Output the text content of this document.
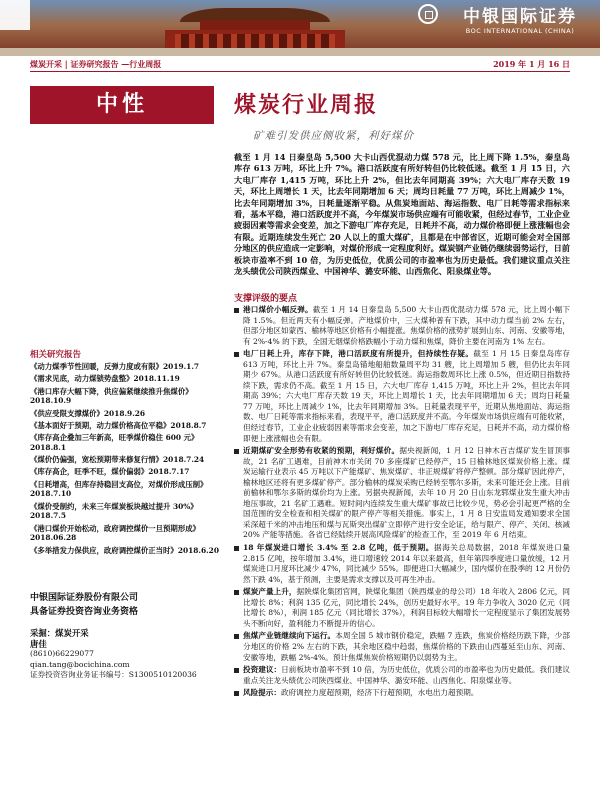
中银国际证券
BOC INTERNATIONAL (CHINA)
煤炭开采 | 证券研究报告 —行业周报	2019 年 1 月 16 日
中性	煤炭行业周报
矿难引发供应侧收紧，利好煤价
截至 1 月 14 日秦皇岛 5,500 大卡山西优混动力煤 578 元，比上周下降 1.5%，秦皇岛库存 613 万吨，环比上升 7%。港口活跃度有所好转但仍比较低迷。截至 1 月 15 日，六大电厂库存 1,415 万吨，环比上升 2%，但比去年同期高 39%；六大电厂库存天数 19 天，环比上周增长 1 天，比去年同期增加 6 天；周均日耗量 77 万吨，环比上周减少 1%，比去年同期增加 3%，日耗量逐渐平稳。从焦炭地面站、海运指数、电厂日耗等需求指标来看，基本平稳，港口活跃度并不高，今年煤炭市场供应端有可能收紧，但经过春节，工业企业疲弱因素等需求会变差，加之下游电厂库存充足，日耗并不高，动力煤价格即便上涨涨幅也会有限。近期连续发生死亡 20 人以上的重大煤矿，且都是在中部省区，近期可能会对全国部分地区的供应造成一定影响，对煤价形成一定程度利好。煤炭钢产业链仍继续弱势运行，日前板块市盈率不到 10 倍，为历史低位，优质公司的市盈率也为历史最低。我们建议重点关注龙头绩优公司陕西煤业、中国神华、潞安环能、山西焦化、阳泉煤业等。
相关研究报告
《动力煤季节性回暖，反弹力度或有限》2019.1.7
《需求见底，动力煤锁势盘整》2018.11.19
《港口库存大幅下降，供应偏紧继续推升焦煤价》2018.10.9
《供应受限支撑煤价》2018.9.26
《基本面好于预期，动力煤价格高位平稳》2018.8.7
《库存高企叠加三年新高，旺季煤价稳住 600 元》2018.8.1
《煤价仍偏强，宽松预期带来修复行情》2018.7.24
《库存高企，旺季不旺，煤价偏弱》2018.7.17
《日耗增高，但库存持稳回支高位，对煤价形成压制》2018.7.10
《煤价受制约，未来三年煤炭板块越过提升 30%》2018.7.5
《港口煤价开始松动，政府调控煤价一旦预期形成》2018.06.28
《多举措发力保供应，政府调控煤价正当时》2018.6.20
中银国际证券股份有限公司
具备证券投资咨询业务资格
采掘：煤炭开采
唐佳
(8610)66229077
qian.tang@bocichina.com
证券投资咨询业务证书编号：S1300510120036
支撑评级的要点
港口煤价小幅反弹。截至 1 月 14 日秦皇岛 5,500 大卡山西优混动力煤 578 元，比上周小幅下降 1.5%。但近两天有小幅反弹。产地煤价中，三大煤种普有下跌，其中动力煤当前 2% 左右，但部分地区如蒙西、榆林等地区价格有小幅提涨。焦煤价格的涨势扩展到山东、河南、安徽等地，有 2%-4% 的下跌，全国无烟煤价格跌幅小于动力煤和焦煤，降价主要在河南为 1% 左右。
电厂日耗上升，库存下降，港口活跃度有所提升，但持续性存疑。截至 1 月 15 日秦皇岛库存 613 万吨，环比上升 7%。秦皇岛锚地船舶数量周平均 31 艘，比上周增加 5 艘，但仍比去年同期少 67%。从港口活跃度有所好转但仍比较低迷。海运指数周环比上涨 0.5%，但近期日指数持续下跌，需求仍不高。截至 1 月 15 日，六大电厂库存 1,415 万吨，环比上升 2%，但比去年同期高 39%；六大电厂库存天数 19 天，环比上周增长 1 天，比去年同期增加 6 天；周均日耗量 77 万吨，环比上周减少 1%，比去年同期增加 3%。日耗量表现平平，近期从焦地面站、海运指数、电厂日耗等需求指标来看，表现平平，港口活跃度并不高。今年煤炭市场供应端有可能收紧，但经过春节，工业企业疲弱因素等需求会变差，加之下游电厂库存充足，日耗并不高，动力煤价格即便上涨涨幅也会有限。
近期煤矿安全形势有收紧的预期，利好煤价。据央视新闻，1 月 12 日神木百吉煤矿发生冒顶事故，21 名矿工遇难，目前神木市关闭 70 多座煤矿已经停产，15 日榆林地区煤炭价格上涨。煤炭运输行业表示 45 万吨以下产能煤矿、焦炭煤矿、非正规煤矿将停产整顿。部分煤矿因此停产，榆林地区还将有更多煤矿停产。部分榆林的煤炭采购已经转至鄂尔多斯，未来可能还会上涨。目前前榆林和鄂尔多斯的煤价均为上涨。另据央视新闻，去年 10 月 20 日山东龙郓煤业发生重大冲击地压事故，21 名矿工遇难。短时间内连续发生重大煤矿事故已比较少见，势必会引起更严格的全国范围的安全检查和相关煤矿的限产停产等相关措施。事实上，1 月 8 日安监局发通知要求全国采深超千米的冲击地压和煤与瓦斯突出煤矿立即停产进行安全论证，给与限产、停产、关闭、核减 20% 产能等措施。各省已经陆续开展高风险煤矿的检查工作，至 2019 年 6 月结束。
18 年煤炭进口增长 3.4% 至 2.8 亿吨，低于预期。据海关总局数据，2018 年煤炭进口量 2.815 亿吨，按年增加 3.4%，进口增速较 2014 年以来最高，但年第四季度进口量放缓，12 月煤炭进口月度环比减少 47%，同比减少 55%。即便进口大幅减少，国内煤价在股季的 12 月份仍然下跌 4%，基于预测，主要是需求支撑以及可再生冲击。
煤炭产量上升，据陕煤化集团官网，陕煤化集团（陕西煤业的母公司）18 年收入 2806 亿元，同比增长 8%；利润 135 亿元，同比增长 24%，创历史最好水平。19 年力争收入 3020 亿元（同比增长 8%），利润 185 亿元（同比增长 37%），利润目标较大幅增长一定程度显示了集团发展势头不断向好，盈利能力不断提升的信心。
焦煤产业链继续向下运行。本周全国 5 城市钢价稳定，跌幅 7 连跌，焦炭价格经历跌下降，少部分地区的价格 2% 左右的下跌，其余地区稳中趋弱，焦煤价格的下跌由山西蔓延至山东、河南、安徽等地，跌幅 2%-4%。预计焦煤焦炭价格短期仍以弱势为主。
投资建议：日前板块市盈率不到 10 倍，为历史低位，优质公司的市盈率也为历史最低。我们建议重点关注龙头绩优公司陕西煤业、中国神华、潞安环能、山西焦化、阳泉煤业等。
风险提示：政府调控力度超预期，经济下行超预期，水电出力超预期。
